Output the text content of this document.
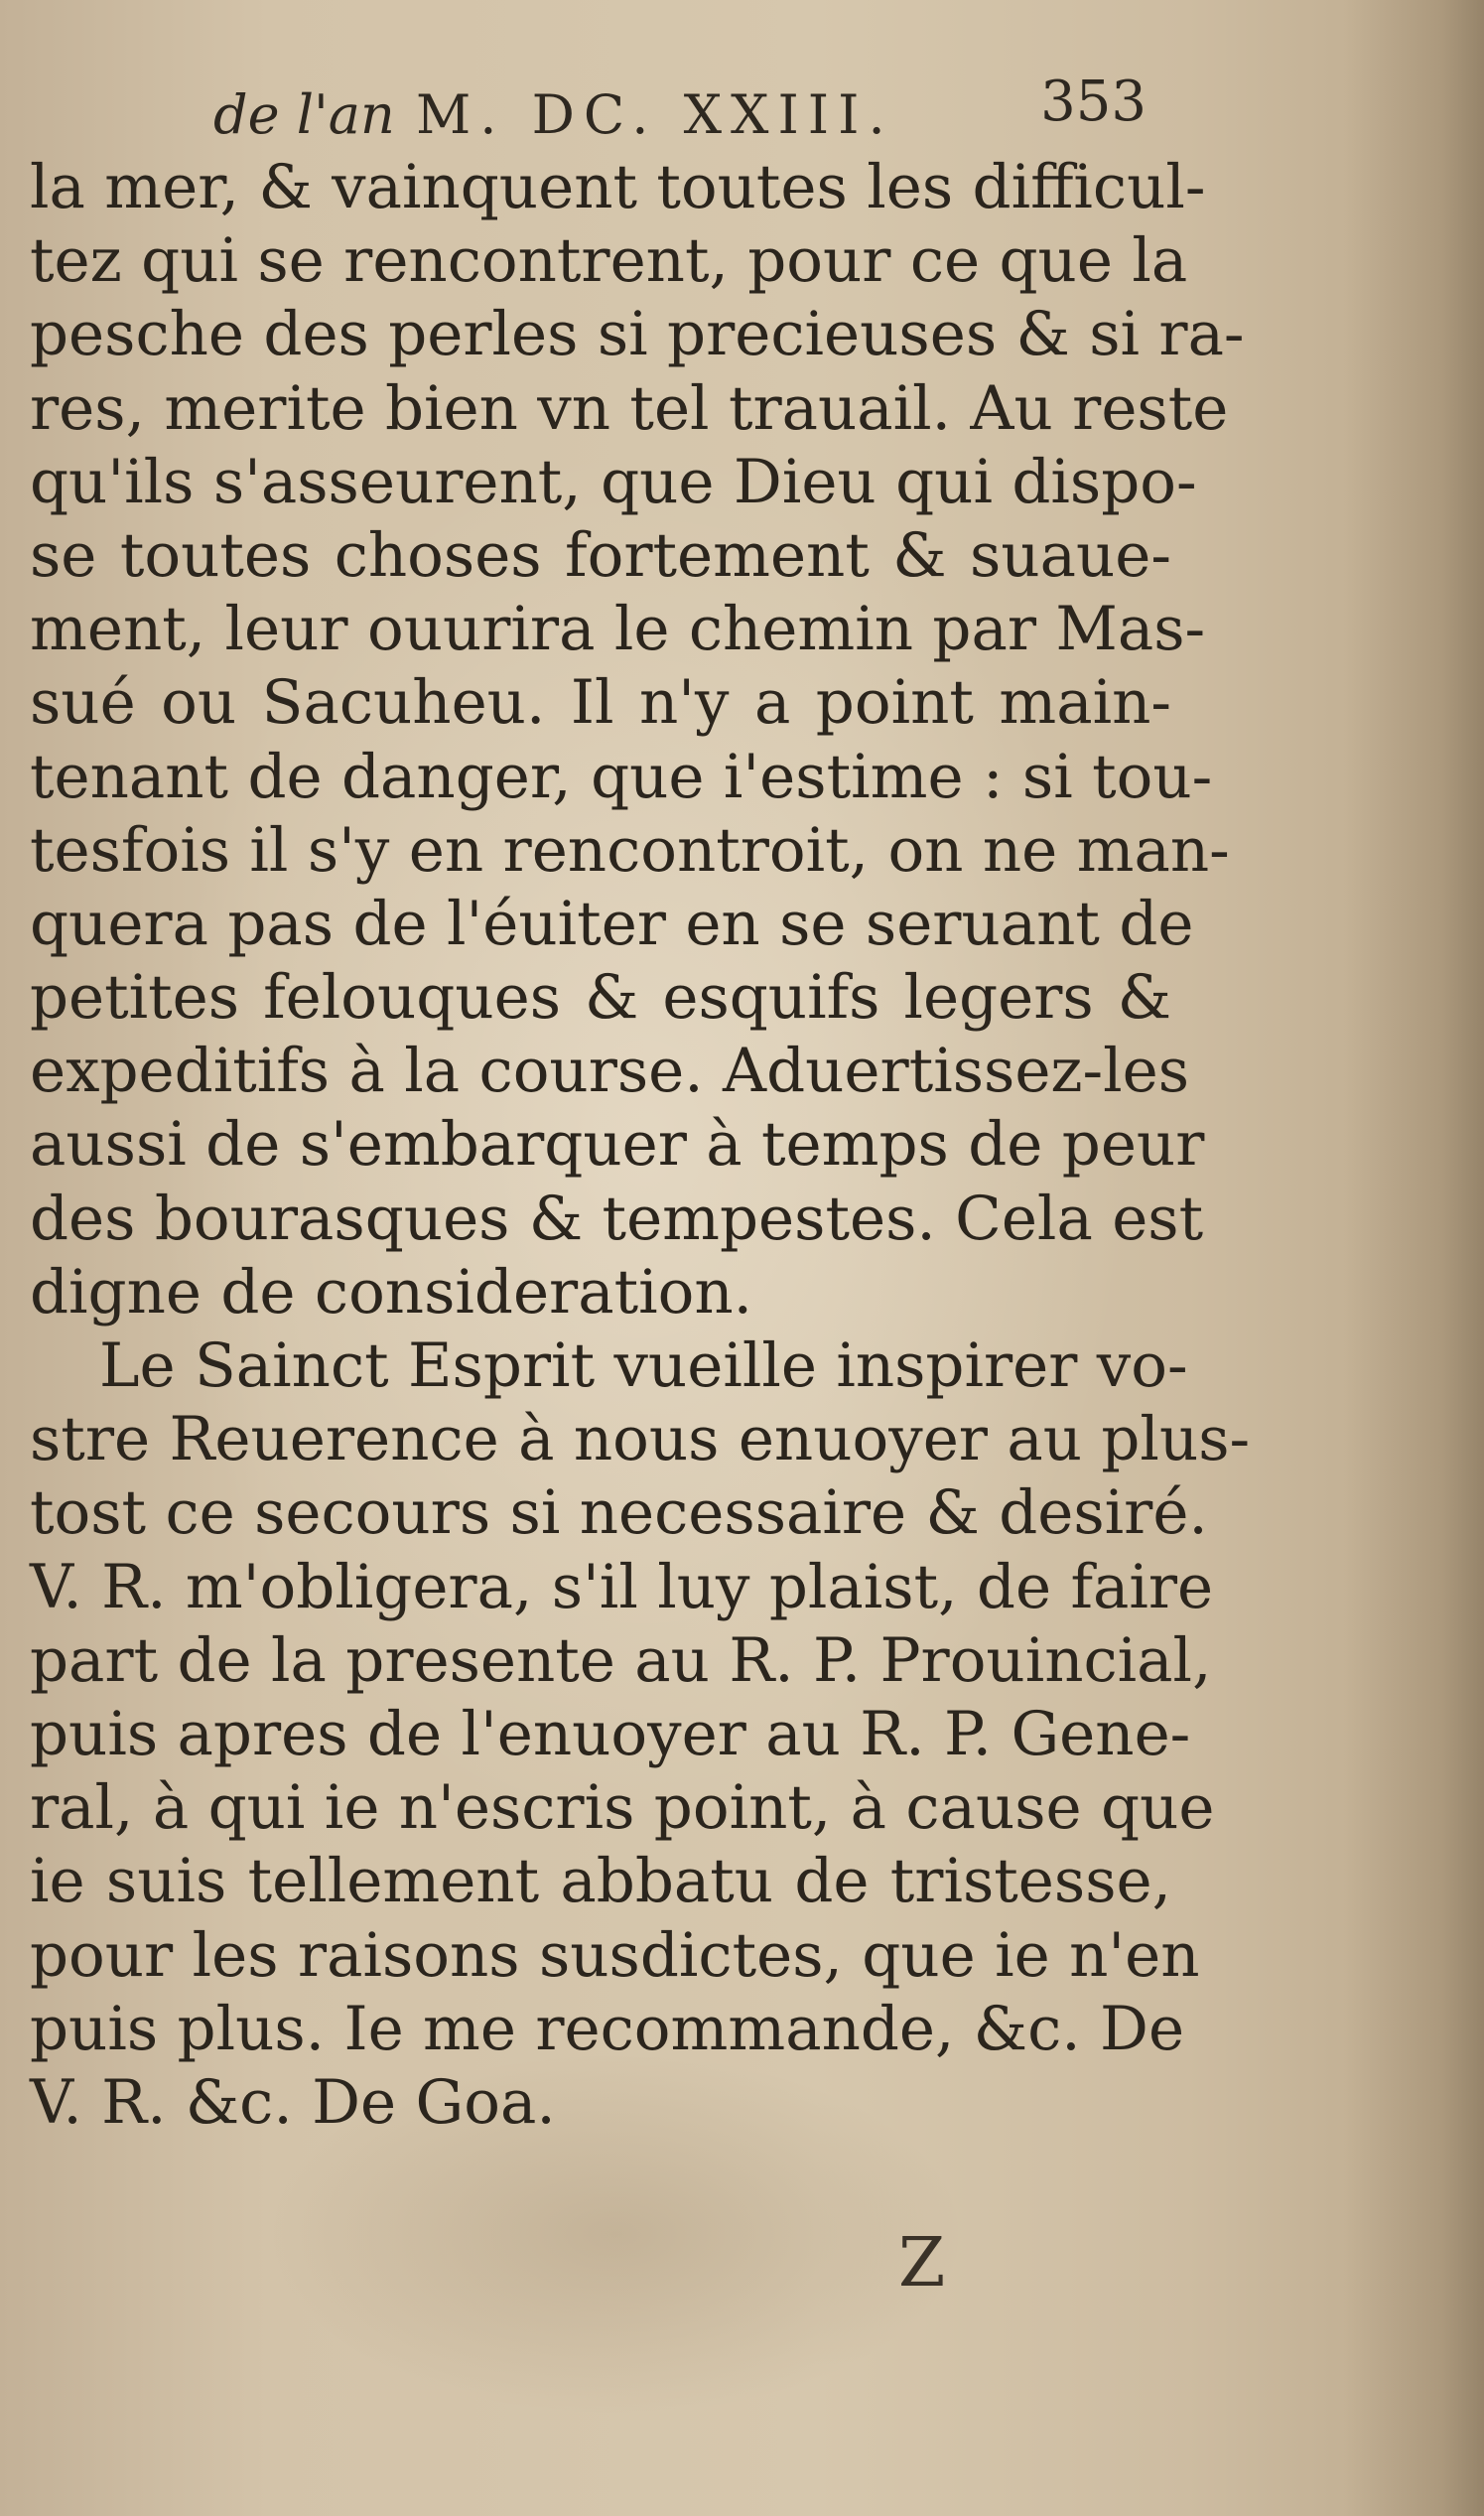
de l'an M. DC. XXIII.	353
la mer, & vainquent toutes les difficul-
tez qui se rencontrent, pour ce que la
pesche des perles si precieuses & si ra-
res, merite bien vn tel trauail. Au reste
qu'ils s'asseurent, que Dieu qui dispo-
se toutes choses fortement & suaue-
ment, leur ouurira le chemin par Mas-
sué ou Sacuheu. Il n'y a point main-
tenant de danger, que i'estime : si tou-
tesfois il s'y en rencontroit, on ne man-
quera pas de l'éuiter en se seruant de
petites felouques & esquifs legers &
expeditifs à la course. Aduertissez-les
aussi de s'embarquer à temps de peur
des bourasques & tempestes. Cela est
digne de consideration.
Le Sainct Esprit vueille inspirer vo-
stre Reuerence à nous enuoyer au plus-
tost ce secours si necessaire & desiré.
V. R. m'obligera, s'il luy plaist, de faire
part de la presente au R. P. Prouincial,
puis apres de l'enuoyer au R. P. Gene-
ral, à qui ie n'escris point, à cause que
ie suis tellement abbatu de tristesse,
pour les raisons susdictes, que ie n'en
puis plus. Ie me recommande, &c. De
V. R. &c. De Goa.
Z
